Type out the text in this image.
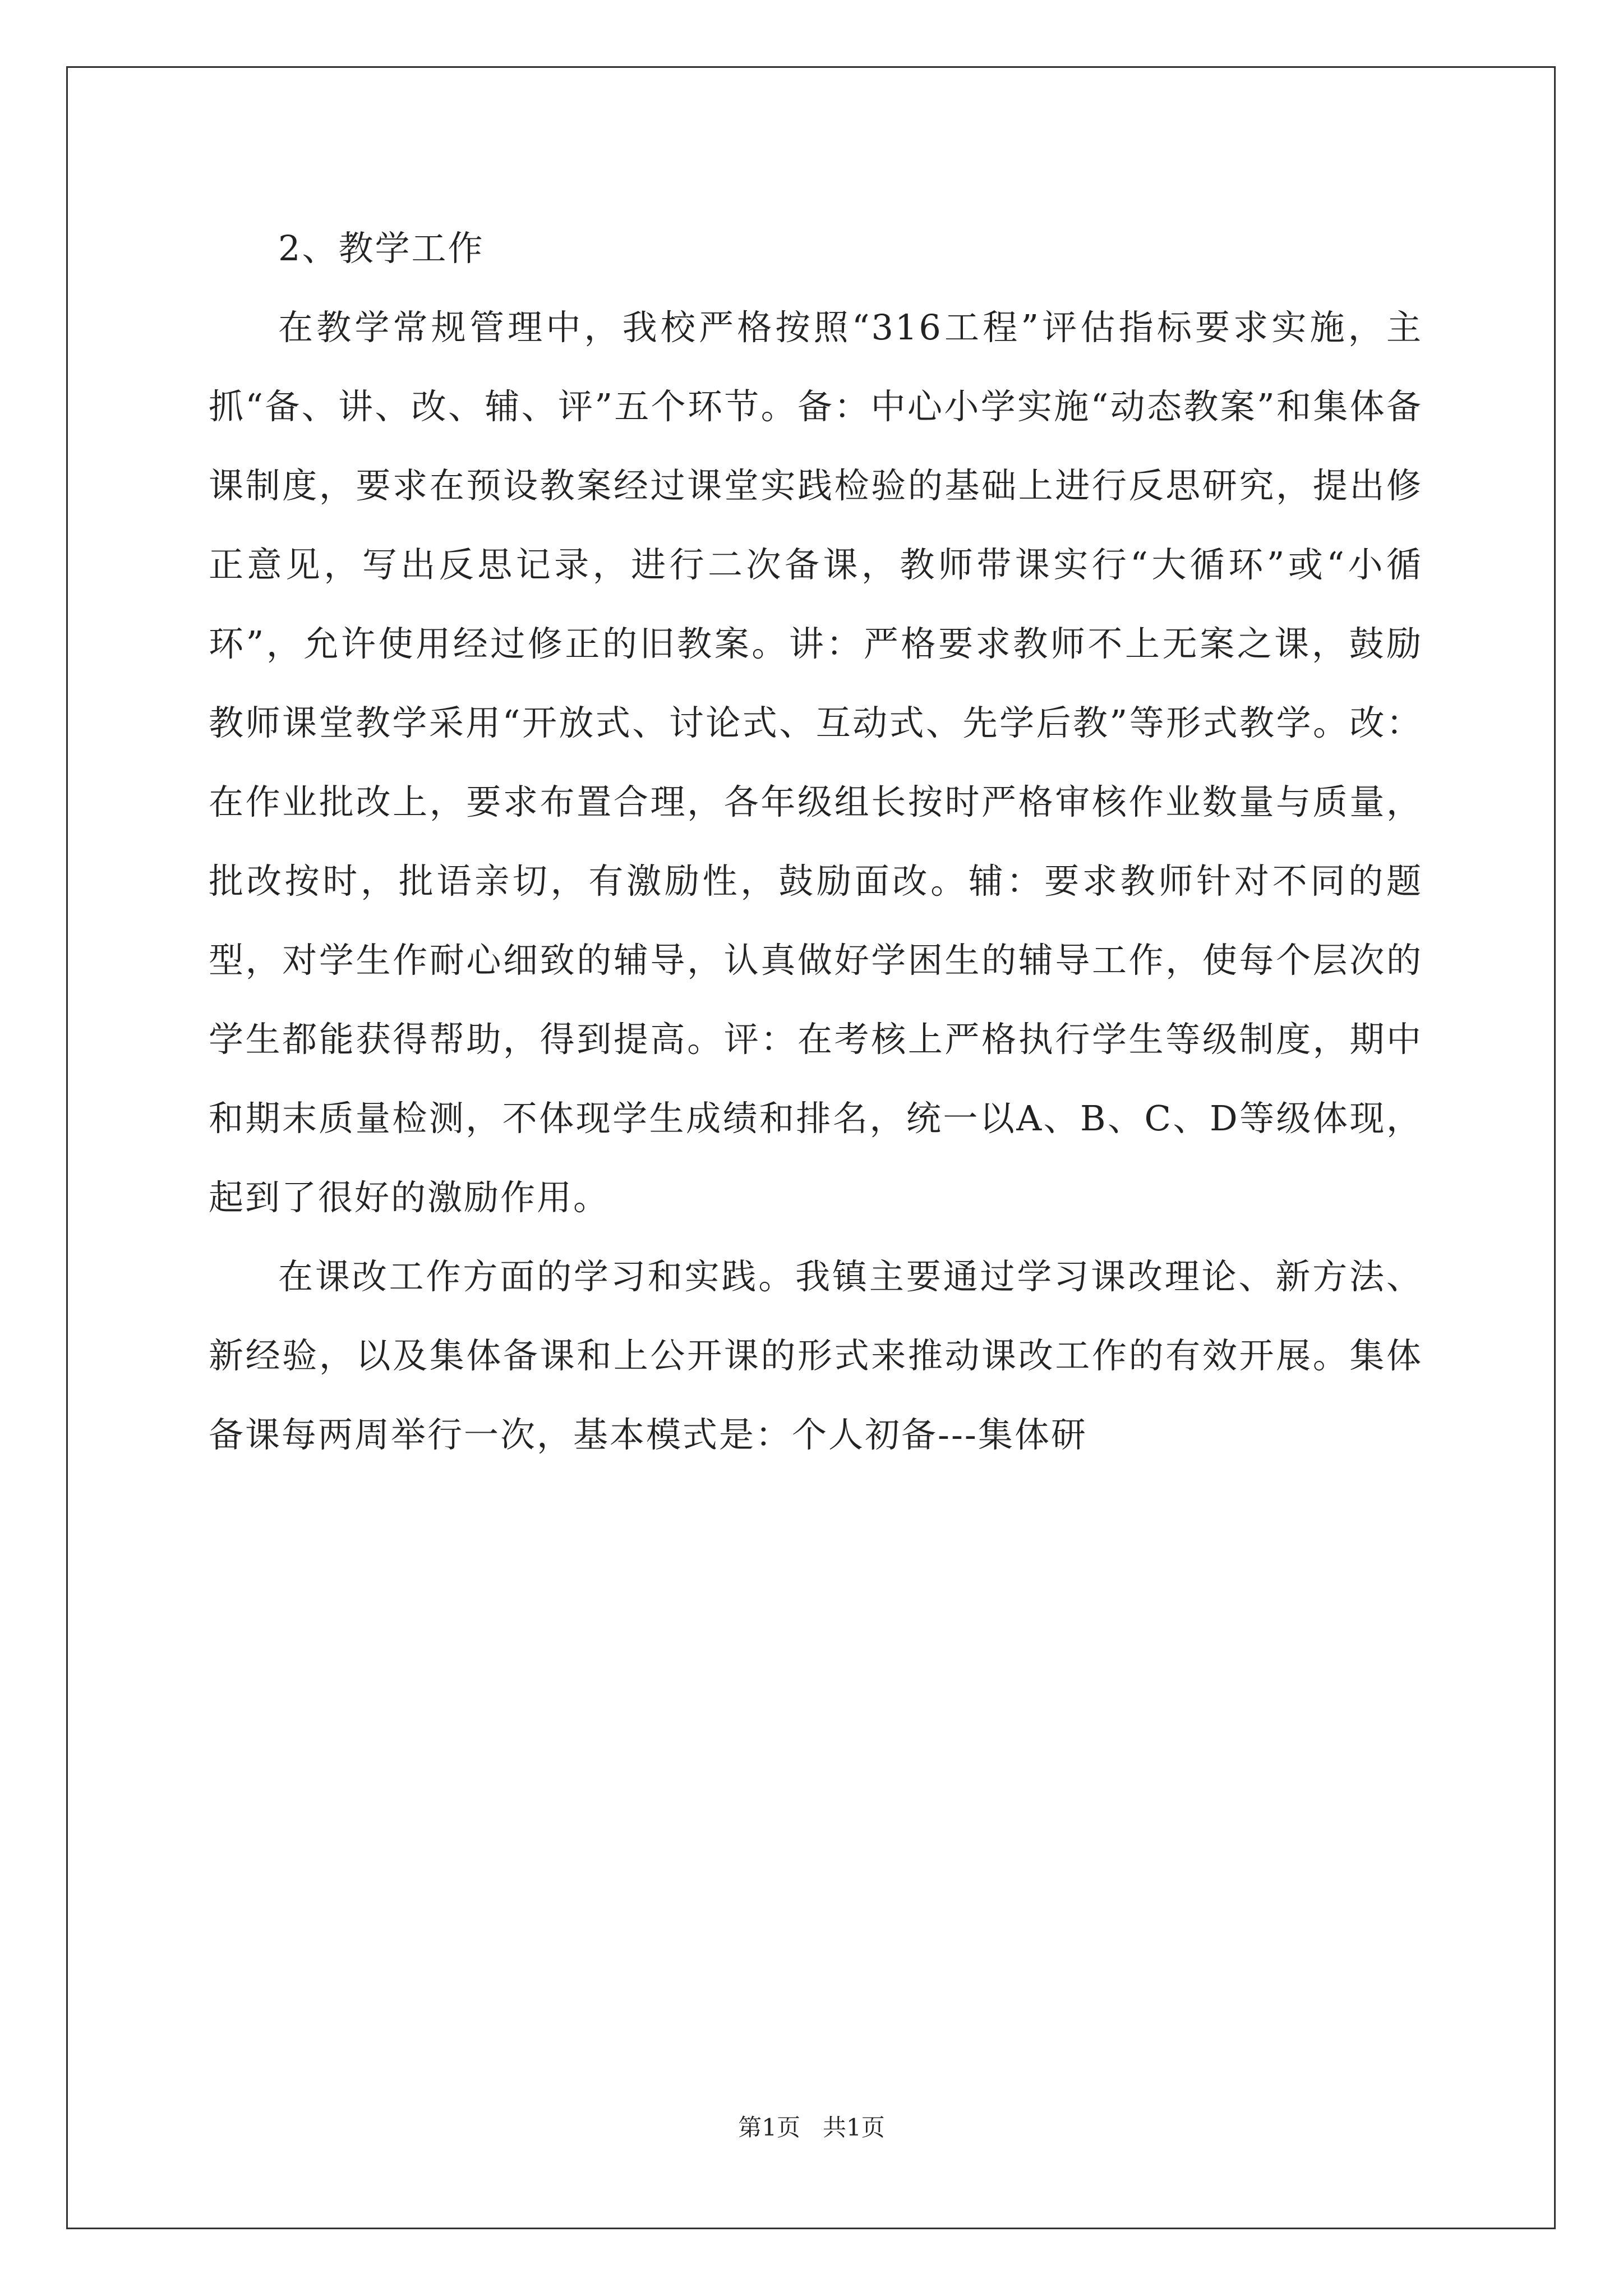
2、教学工作

在教学常规管理中，我校严格按照“316工程”评估指标要求实施，主抓“备、讲、改、辅、评”五个环节。备：中心小学实施“动态教案”和集体备课制度，要求在预设教案经过课堂实践检验的基础上进行反思研究，提出修正意见，写出反思记录，进行二次备课，教师带课实行“大循环”或“小循环”，允许使用经过修正的旧教案。讲：严格要求教师不上无案之课，鼓励教师课堂教学采用“开放式、讨论式、互动式、先学后教”等形式教学。改：在作业批改上，要求布置合理，各年级组长按时严格审核作业数量与质量，批改按时，批语亲切，有激励性，鼓励面改。辅：要求教师针对不同的题型，对学生作耐心细致的辅导，认真做好学困生的辅导工作，使每个层次的学生都能获得帮助，得到提高。评：在考核上严格执行学生等级制度，期中和期末质量检测，不体现学生成绩和排名，统一以A、B、C、D等级体现，起到了很好的激励作用。

在课改工作方面的学习和实践。我镇主要通过学习课改理论、新方法、新经验，以及集体备课和上公开课的形式来推动课改工作的有效开展。集体备课每两周举行一次，基本模式是：个人初备---集体研

第1页 共1页
